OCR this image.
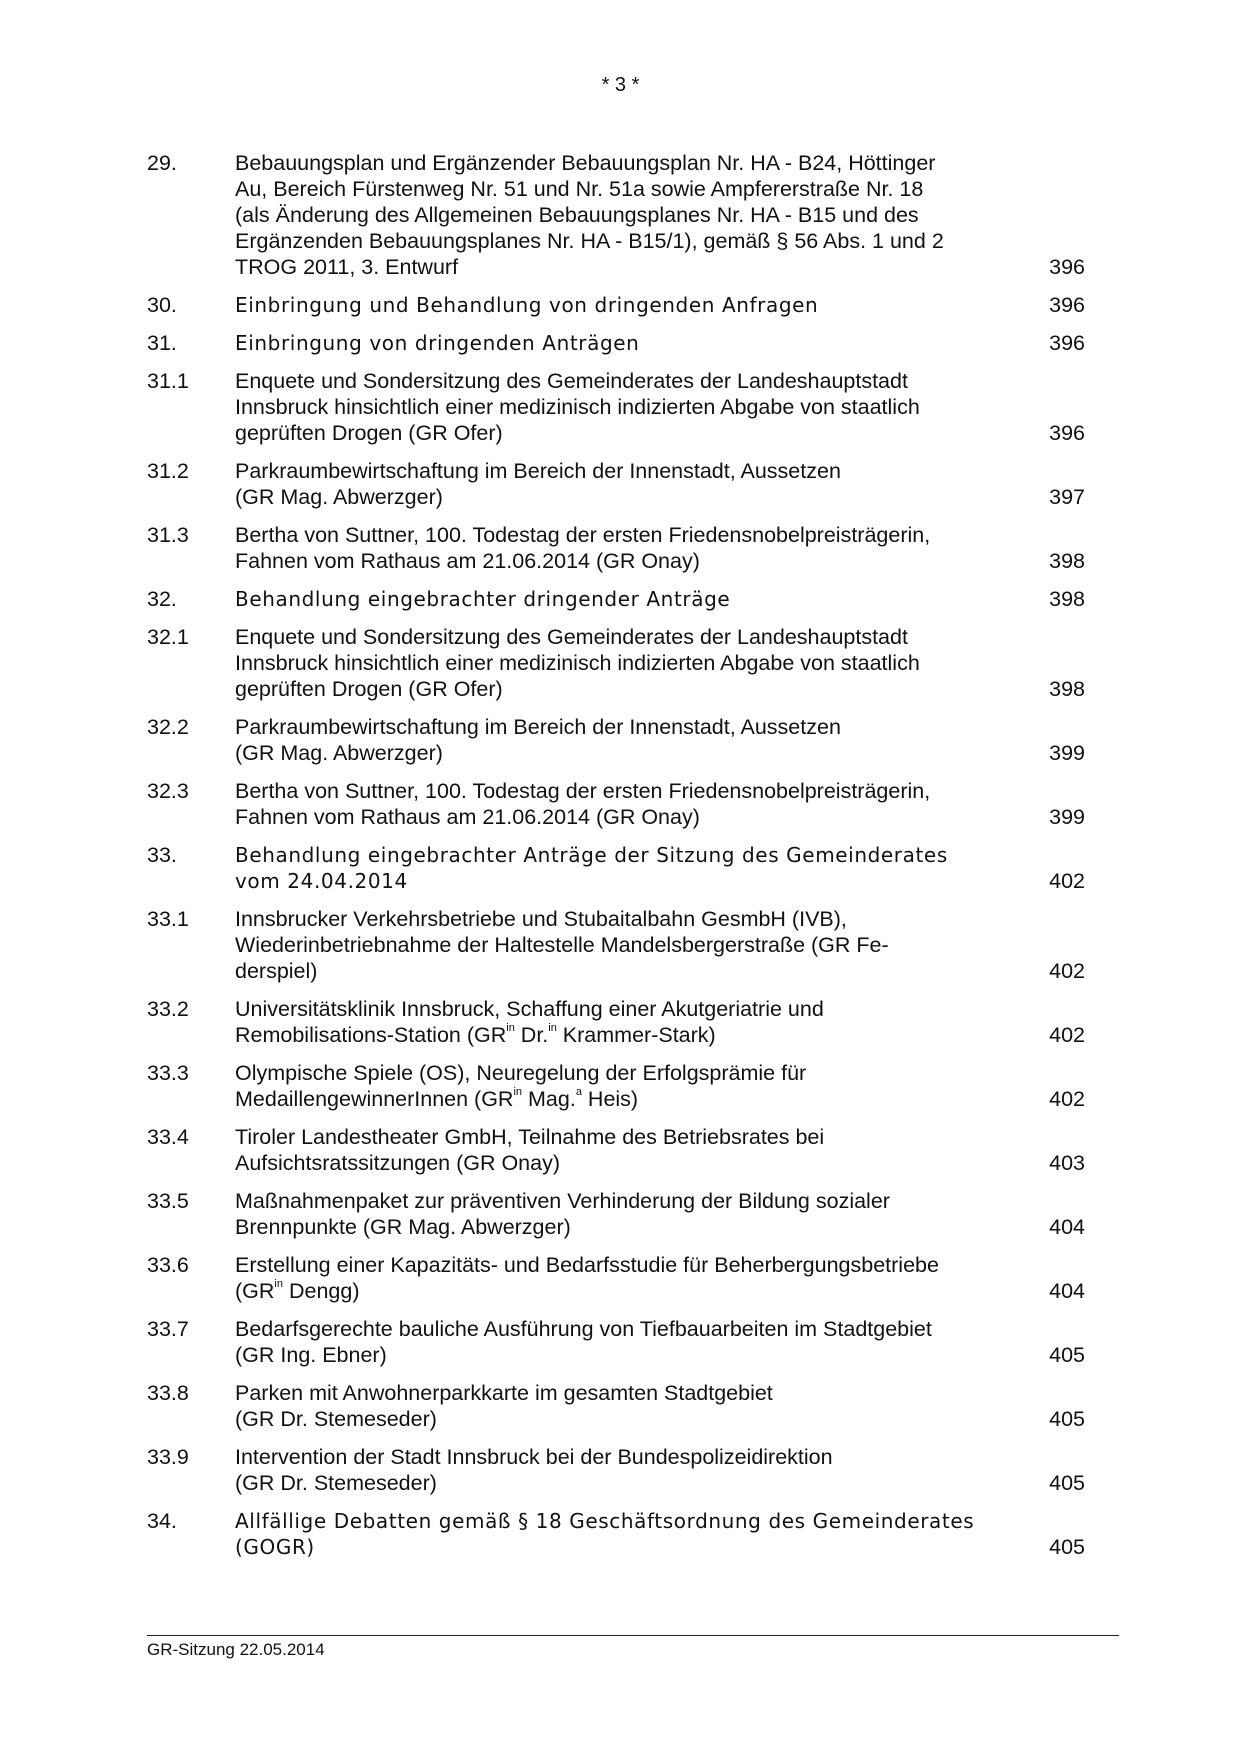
* 3 *
29.	Bebauungsplan und Ergänzender Bebauungsplan Nr. HA - B24, Höttinger
Au, Bereich Fürstenweg Nr. 51 und Nr. 51a sowie Ampfererstraße Nr. 18
(als Änderung des Allgemeinen Bebauungsplanes Nr. HA - B15 und des
Ergänzenden Bebauungsplanes Nr. HA - B15/1), gemäß § 56 Abs. 1 und 2
TROG 2011, 3. Entwurf	396
30.	Einbringung und Behandlung von dringenden Anfragen	396
31.	Einbringung von dringenden Anträgen	396
31.1	Enquete und Sondersitzung des Gemeinderates der Landeshauptstadt
Innsbruck hinsichtlich einer medizinisch indizierten Abgabe von staatlich
geprüften Drogen (GR Ofer)	396
31.2	Parkraumbewirtschaftung im Bereich der Innenstadt, Aussetzen
(GR Mag. Abwerzger)	397
31.3	Bertha von Suttner, 100. Todestag der ersten Friedensnobelpreisträgerin,
Fahnen vom Rathaus am 21.06.2014 (GR Onay)	398
32.	Behandlung eingebrachter dringender Anträge	398
32.1	Enquete und Sondersitzung des Gemeinderates der Landeshauptstadt
Innsbruck hinsichtlich einer medizinisch indizierten Abgabe von staatlich
geprüften Drogen (GR Ofer)	398
32.2	Parkraumbewirtschaftung im Bereich der Innenstadt, Aussetzen
(GR Mag. Abwerzger)	399
32.3	Bertha von Suttner, 100. Todestag der ersten Friedensnobelpreisträgerin,
Fahnen vom Rathaus am 21.06.2014 (GR Onay)	399
33.	Behandlung eingebrachter Anträge der Sitzung des Gemeinderates
vom 24.04.2014	402
33.1	Innsbrucker Verkehrsbetriebe und Stubaitalbahn GesmbH (IVB),
Wiederinbetriebnahme der Haltestelle Mandelsbergerstraße (GR Fe-
derspiel)	402
33.2	Universitätsklinik Innsbruck, Schaffung einer Akutgeriatrie und
Remobilisations-Station ($GR^{in}$ Dr.$^{in}$ Krammer-Stark)	402
33.3	Olympische Spiele (OS), Neuregelung der Erfolgsprämie für
MedaillengewinnerInnen ($GR^{in}$ Mag.$^a$ Heis)	402
33.4	Tiroler Landestheater GmbH, Teilnahme des Betriebsrates bei
Aufsichtsratssitzungen (GR Onay)	403
33.5	Maßnahmenpaket zur präventiven Verhinderung der Bildung sozialer
Brennpunkte (GR Mag. Abwerzger)	404
33.6	Erstellung einer Kapazitäts- und Bedarfsstudie für Beherbergungsbetriebe
($GR^{in}$ Dengg)	404
33.7	Bedarfsgerechte bauliche Ausführung von Tiefbauarbeiten im Stadtgebiet
(GR Ing. Ebner)	405
33.8	Parken mit Anwohnerparkkarte im gesamten Stadtgebiet
(GR Dr. Stemeseder)	405
33.9	Intervention der Stadt Innsbruck bei der Bundespolizeidirektion
(GR Dr. Stemeseder)	405
34.	Allfällige Debatten gemäß § 18 Geschäftsordnung des Gemeinderates
(GOGR)	405
GR-Sitzung 22.05.2014
